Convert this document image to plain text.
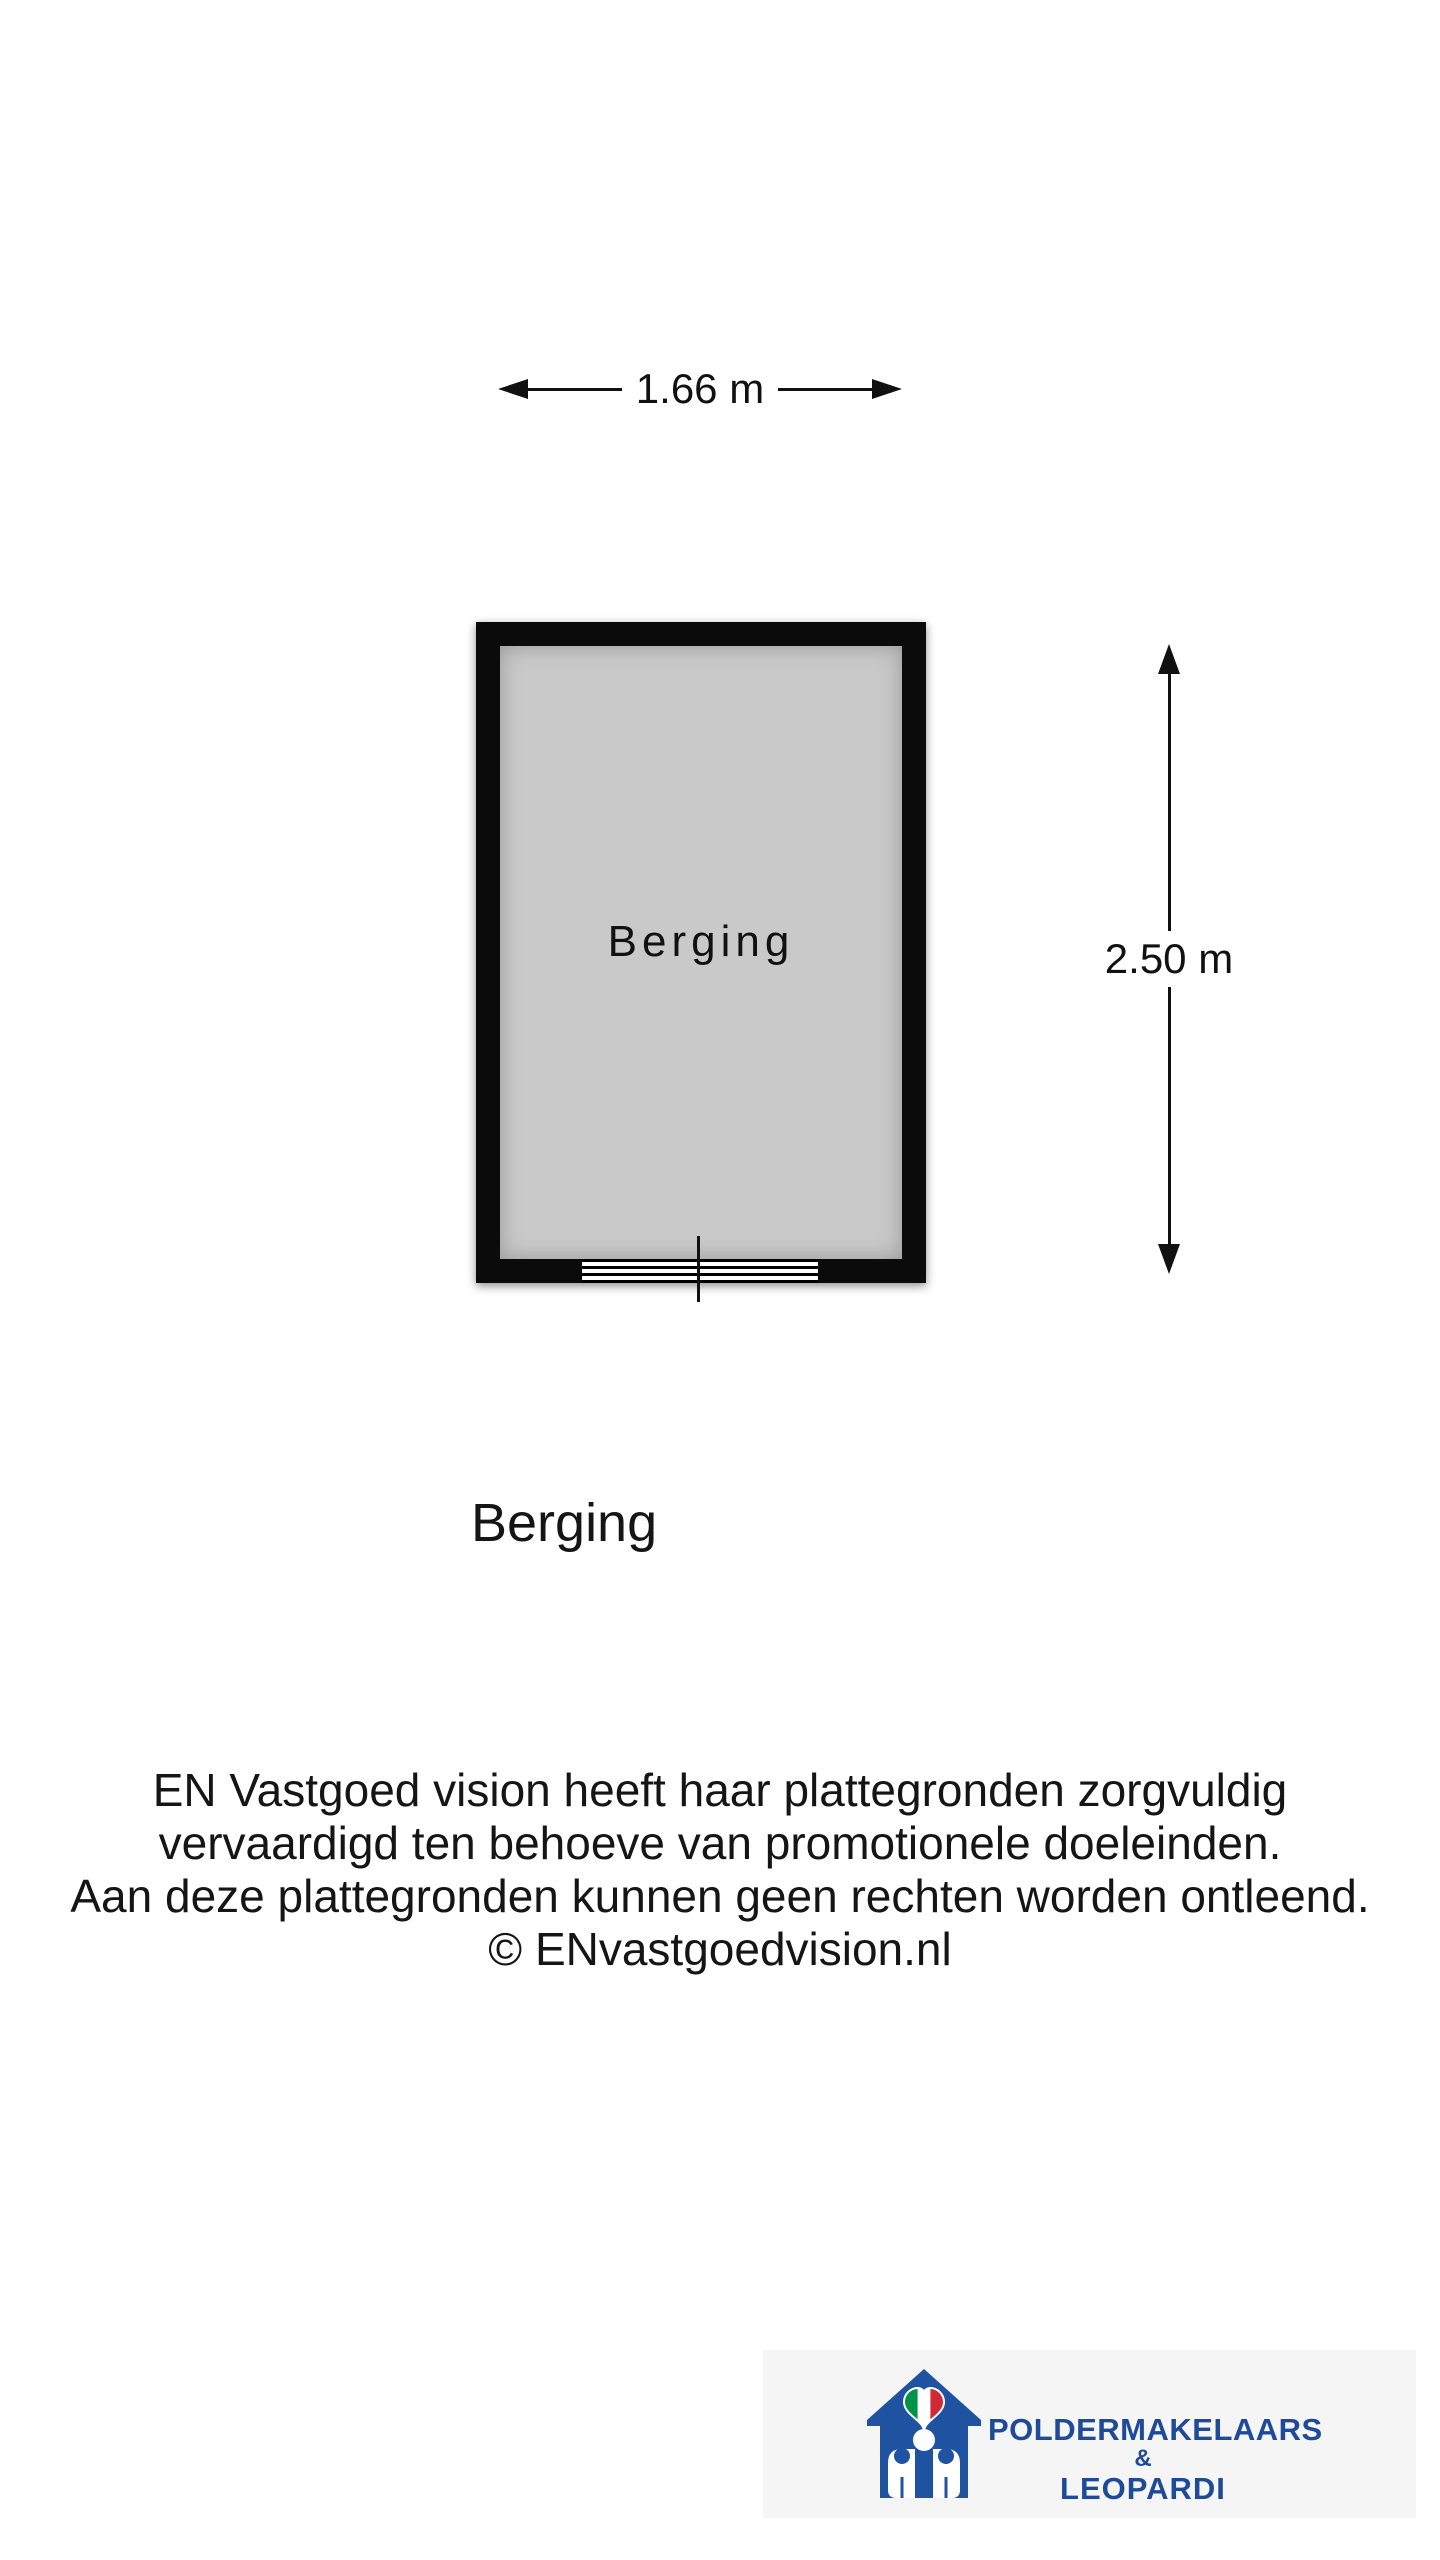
1.66 m
Berging	2.50 m
Berging
EN Vastgoed vision heeft haar plattegronden zorgvuldig
vervaardigd ten behoeve van promotionele doeleinden.
Aan deze plattegronden kunnen geen rechten worden ontleend.
© ENvastgoedvision.nl
POLDERMAKELAARS
&
LEOPARDI
